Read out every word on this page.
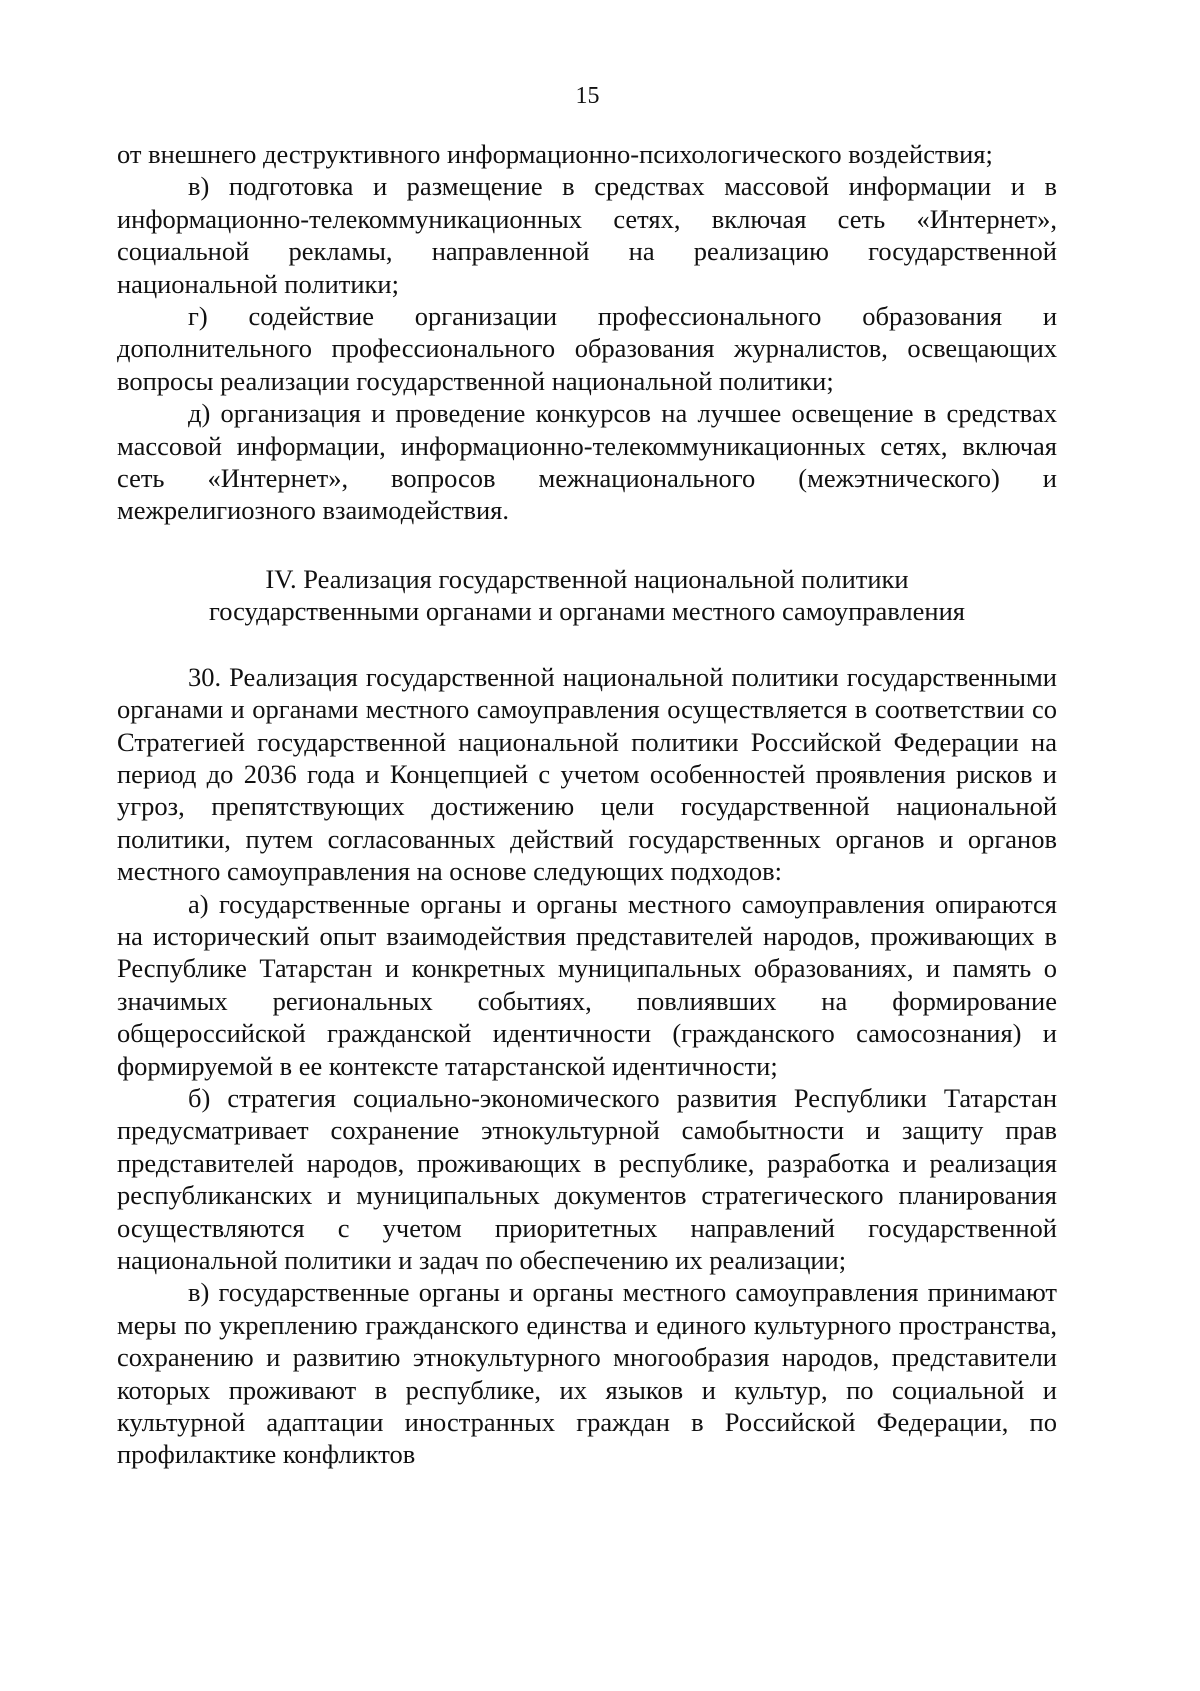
15

от внешнего деструктивного информационно-психологического воздействия;

в) подготовка и размещение в средствах массовой информации и в информационно-телекоммуникационных сетях, включая сеть «Интернет», социальной рекламы, направленной на реализацию государственной национальной политики;

г) содействие организации профессионального образования и дополнительного профессионального образования журналистов, освещающих вопросы реализации государственной национальной политики;

д) организация и проведение конкурсов на лучшее освещение в средствах массовой информации, информационно-телекоммуникационных сетях, включая сеть «Интернет», вопросов межнационального (межэтнического) и межрелигиозного взаимодействия.

IV. Реализация государственной национальной политики
государственными органами и органами местного самоуправления

30. Реализация государственной национальной политики государственными органами и органами местного самоуправления осуществляется в соответствии со Стратегией государственной национальной политики Российской Федерации на период до 2036 года и Концепцией с учетом особенностей проявления рисков и угроз, препятствующих достижению цели государственной национальной политики, путем согласованных действий государственных органов и органов местного самоуправления на основе следующих подходов:

а) государственные органы и органы местного самоуправления опираются на исторический опыт взаимодействия представителей народов, проживающих в Республике Татарстан и конкретных муниципальных образованиях, и память о значимых региональных событиях, повлиявших на формирование общероссийской гражданской идентичности (гражданского самосознания) и формируемой в ее контексте татарстанской идентичности;

б) стратегия социально-экономического развития Республики Татарстан предусматривает сохранение этнокультурной самобытности и защиту прав представителей народов, проживающих в республике, разработка и реализация республиканских и муниципальных документов стратегического планирования осуществляются с учетом приоритетных направлений государственной национальной политики и задач по обеспечению их реализации;

в) государственные органы и органы местного самоуправления принимают меры по укреплению гражданского единства и единого культурного пространства, сохранению и развитию этнокультурного многообразия народов, представители которых проживают в республике, их языков и культур, по социальной и культурной адаптации иностранных граждан в Российской Федерации, по профилактике конфликтов
